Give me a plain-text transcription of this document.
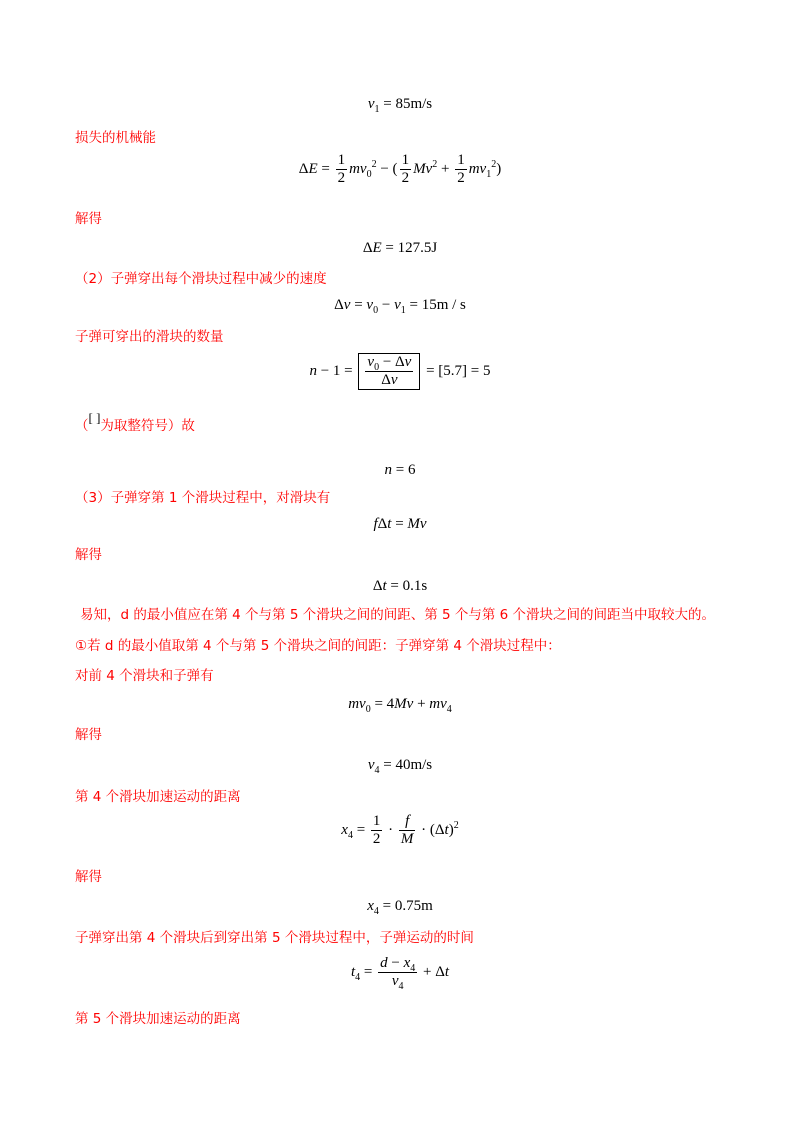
$v_1 = 85m/s$
损失的机械能
$\Delta E = \frac{1}{2} mv_0^2$ − ( $\frac{1}{2} Mv^2 + \frac{1}{2} mv_1^2$)
解得
ΔE = 127.5J
（2）子弹穿出每个滑块过程中减少的速度
$\Delta v = v_0 - v_1 = 15m / s$
子弹可穿出的滑块的数量
$n - 1 = \frac{v_0 - \Delta v}{\Delta v} = [5.7] = 5$
（[ ]为取整符号）故
n = 6
（3）子弹穿第 1 个滑块过程中，对滑块有
fΔt = Mv
解得
Δt = 0.1s
易知，d 的最小值应在第 4 个与第 5 个滑块之间的间距、第 5 个与第 6 个滑块之间的间距当中取较大的。
①若 d 的最小值取第 4 个与第 5 个滑块之间的间距：子弹穿第 4 个滑块过程中：
对前 4 个滑块和子弹有
$mv_0 = 4Mv + mv_4$
解得
$v_4 = 40m/s$
第 4 个滑块加速运动的距离
$x_4 = \frac{1}{2} \cdot \frac{f}{M} \cdot (\Delta t)^2$
解得
$x_4 = 0.75m$
子弹穿出第 4 个滑块后到穿出第 5 个滑块过程中，子弹运动的时间
$t_4 = \frac{d - x_4}{v_4} + \Delta t$
第 5 个滑块加速运动的距离
